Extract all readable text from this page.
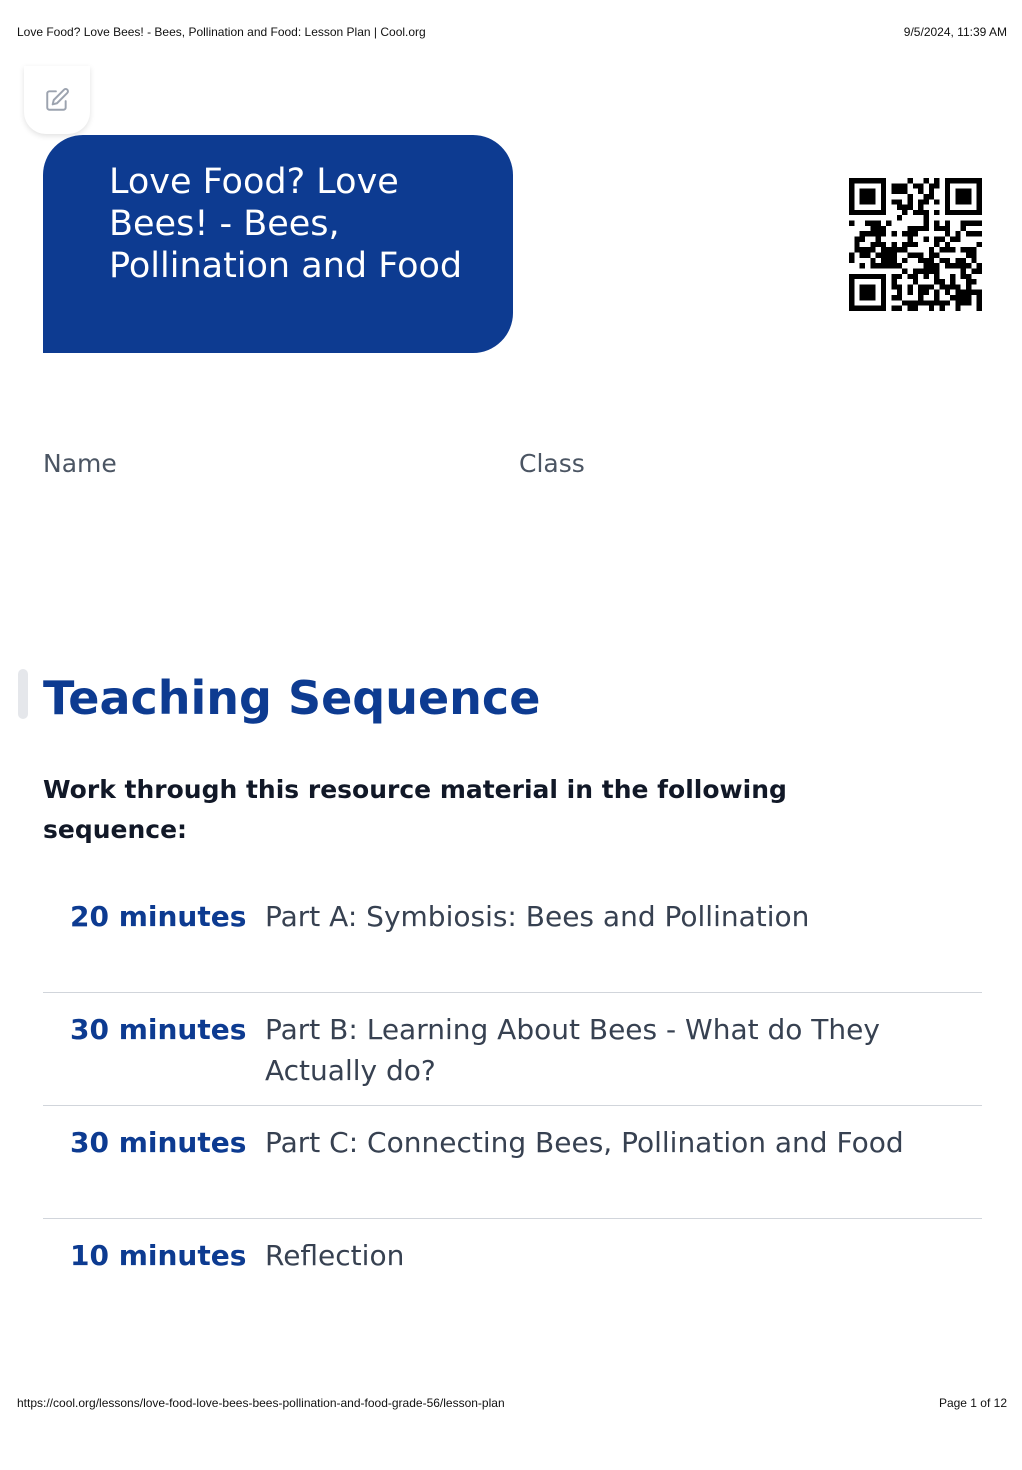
Love Food? Love Bees! - Bees, Pollination and Food: Lesson Plan | Cool.org	9/5/2024, 11:39 AM
Love Food? Love Bees! - Bees, Pollination and Food
Name	Class
Teaching Sequence

Work through this resource material in the following sequence:

20 minutes Part A: Symbiosis: Bees and Pollination
30 minutes Part B: Learning About Bees - What do They Actually do?
30 minutes Part C: Connecting Bees, Pollination and Food
10 minutes Reflection
https://cool.org/lessons/love-food-love-bees-bees-pollination-and-food-grade-56/lesson-plan	Page 1 of 12
